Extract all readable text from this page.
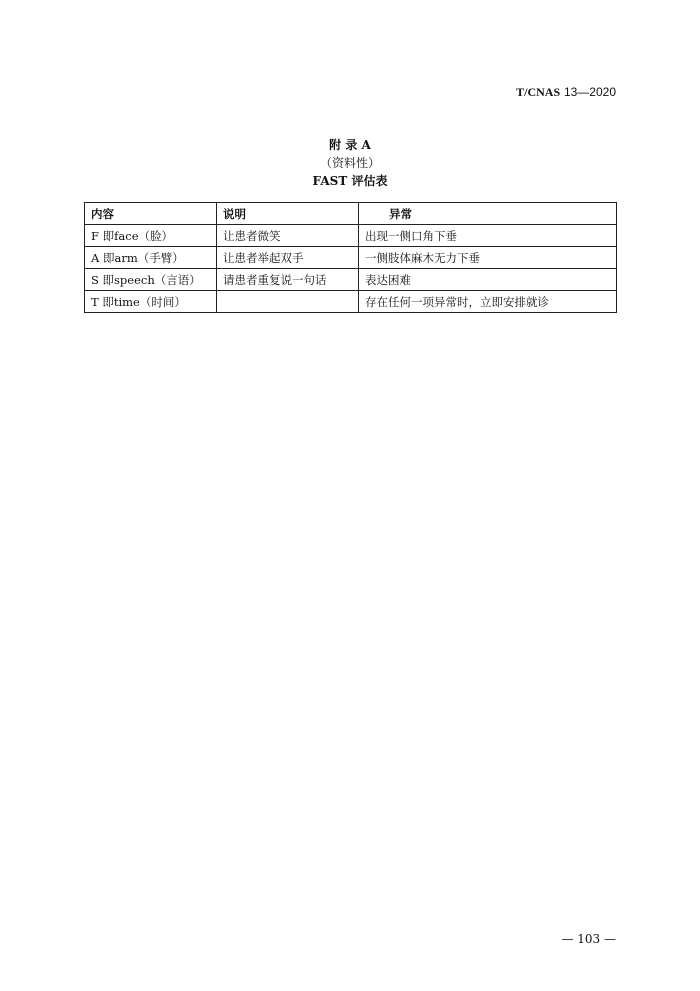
T/CNAS 13—2020
附 录 A
（资料性）
FAST 评估表
内容	说明	异常
F 即face（脸）	让患者微笑	出现一侧口角下垂
A 即arm（手臂）	让患者举起双手	一侧肢体麻木无力下垂
S 即speech（言语）	请患者重复说一句话	表达困难
T 即time（时间）		存在任何一项异常时，立即安排就诊
— 103 —
